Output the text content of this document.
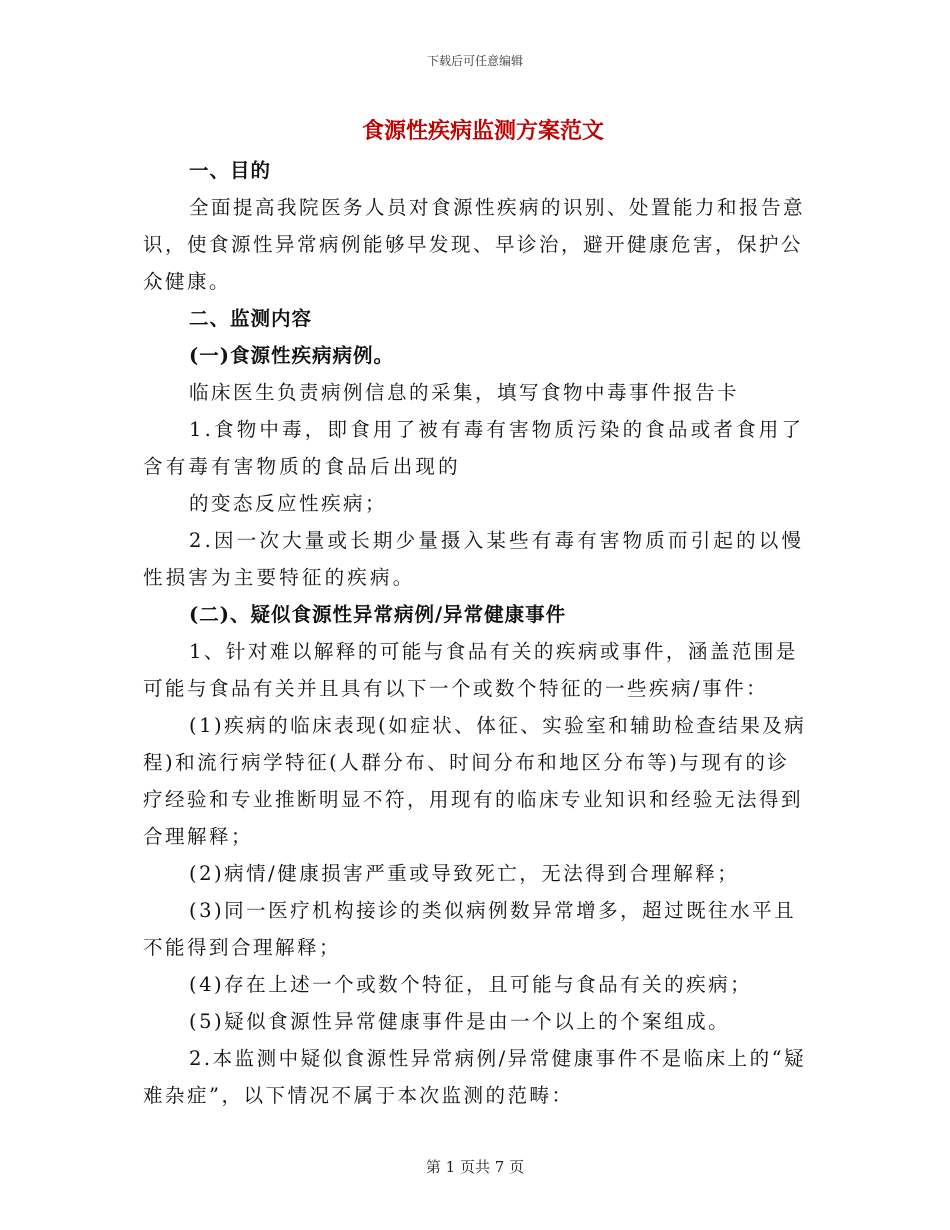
下载后可任意编辑
食源性疾病监测方案范文

一、目的

全面提高我院医务人员对食源性疾病的识别、处置能力和报告意识，使食源性异常病例能够早发现、早诊治，避开健康危害，保护公众健康。

二、监测内容

(一)食源性疾病病例。

临床医生负责病例信息的采集，填写食物中毒事件报告卡

1.食物中毒，即食用了被有毒有害物质污染的食品或者食用了含有毒有害物质的食品后出现的

的变态反应性疾病；

2.因一次大量或长期少量摄入某些有毒有害物质而引起的以慢性损害为主要特征的疾病。

(二)、疑似食源性异常病例/异常健康事件

1、针对难以解释的可能与食品有关的疾病或事件，涵盖范围是可能与食品有关并且具有以下一个或数个特征的一些疾病/事件：

(1)疾病的临床表现(如症状、体征、实验室和辅助检查结果及病程)和流行病学特征(人群分布、时间分布和地区分布等)与现有的诊疗经验和专业推断明显不符，用现有的临床专业知识和经验无法得到合理解释；

(2)病情/健康损害严重或导致死亡，无法得到合理解释；

(3)同一医疗机构接诊的类似病例数异常增多，超过既往水平且不能得到合理解释；

(4)存在上述一个或数个特征，且可能与食品有关的疾病；

(5)疑似食源性异常健康事件是由一个以上的个案组成。

2.本监测中疑似食源性异常病例/异常健康事件不是临床上的“疑难杂症”，以下情况不属于本次监测的范畴：

第 1 页共 7 页
